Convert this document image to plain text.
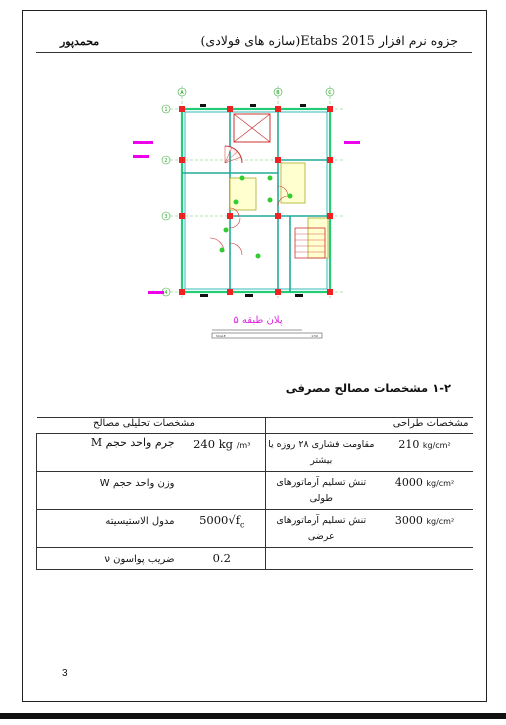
جزوه نرم افزار Etabs 2015(سازه های فولادی)
محمدپور
A	B	C
1
2
3
4
پلان طبقه ۵
SCALE	1:50
۱-۲ مشخصات مصالح مصرفی
مشخصات طراحی		مشخصات تحلیلی مصالح	
210 kg/cm²	مقاومت فشاری ۲۸ روزه یا بیشتر	240 kg /m³	جرم واحد حجم M
4000 kg/cm²	تنش تسلیم آرماتورهای طولی		وزن واحد حجم W
3000 kg/cm²	تنش تسلیم آرماتورهای عرضی	$5000√f_c$	مدول الاستیسیته
		0.2	ضریب پواسون ν
3
